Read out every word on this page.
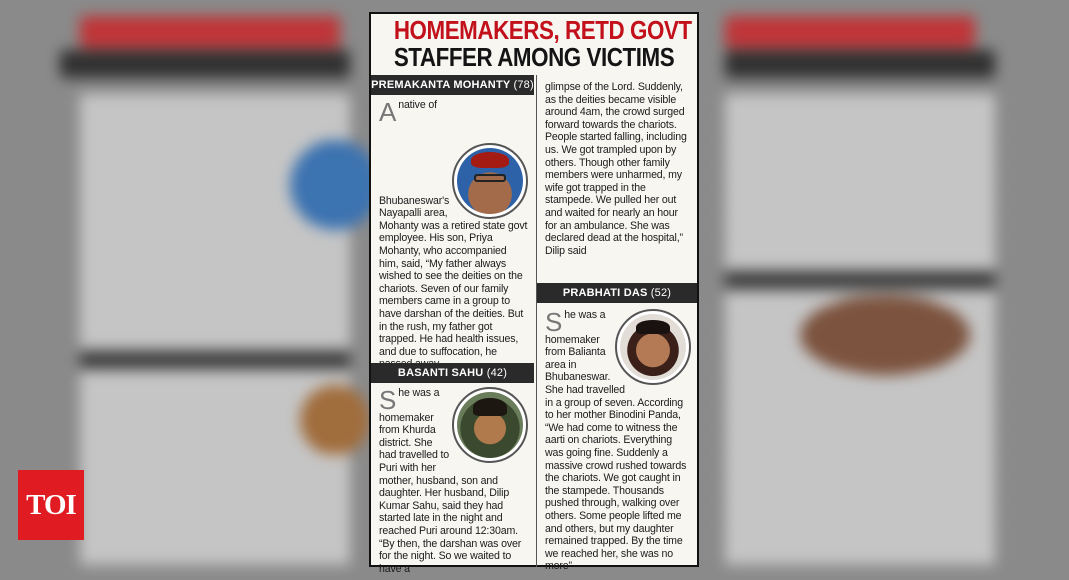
TOI
HOMEMAKERS, RETD GOVT
STAFFER AMONG VICTIMS
PREMAKANTA MOHANTY (78)
A native of Bhubaneswar's Nayapalli area, Mohanty was a retired state govt employee. His son, Priya Mohanty, who accompanied him, said, “My father always wished to see the deities on the chariots. Seven of our family members came in a group to have darshan of the deities. But in the rush, my father got trapped. He had health issues, and due to suffocation, he
BASANTI SAHU (42)
S he was a homemaker from Khurda district. She had travelled to Puri with her mother, husband, son and daughter. Her husband, Dilip Kumar Sahu, said they had started late in the night and reached Puri around 12:30am. “By then, the darshan was over for the night. So we waited to have a
glimpse of the Lord. Suddenly, as the deities became visible around 4am, the crowd surged forward towards the chariots. People started falling, including us. We got trampled upon by others. Though other family members were unharmed, my wife got trapped in the stampede. We pulled her out and waited for nearly an hour for an ambulance. She was declared dead at the hospital,” Dilip said
PRABHATI DAS (52)
S he was a homemaker from Balianta area in Bhubaneswar. She had travelled in a group of seven. According to her mother Binodini Panda, “We had come to witness the aarti on chariots. Everything was going fine. Suddenly a massive crowd rushed towards the chariots. We got caught in the stampede. Thousands pushed through, walking over others. Some people lifted me and others, but my daughter remained trapped. By the time we reached her, she was no more”
